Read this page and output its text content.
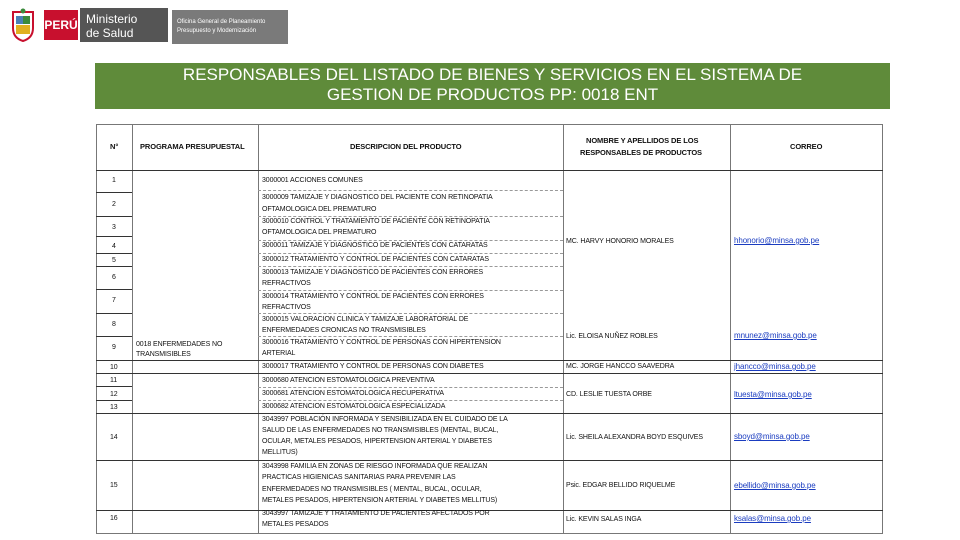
PERÚ Ministerio
de Salud
Oficina General de Planeamiento
Presupuesto y Modernización
RESPONSABLES DEL LISTADO DE BIENES Y SERVICIOS EN EL SISTEMA DE
GESTION DE PRODUCTOS PP: 0018 ENT
N°	PROGRAMA PRESUPUESTAL	DESCRIPCION DEL PRODUCTO
NOMBRE Y APELLIDOS DE LOS
RESPONSABLES DE PRODUCTOS
CORREO
1
2
3
4
5
6
7
8
9
10
11
12
13
14
15
16
0018 ENFERMEDADES NO
TRANSMISIBLES
3000001 ACCIONES COMUNES
3000009 TAMIZAJE Y DIAGNOSTICO DEL PACIENTE CON RETINOPATIA
OFTAMOLOGICA DEL PREMATURO
3000010 CONTROL Y TRATAMIENTO DE PACIENTE CON RETINOPATIA
OFTAMOLOGICA DEL PREMATURO
3000011 TAMIZAJE Y DIAGNOSTICO DE PACIENTES CON CATARATAS
3000012 TRATAMIENTO Y CONTROL DE PACIENTES CON CATARATAS
3000013 TAMIZAJE Y DIAGNOSTICO DE PACIENTES CON ERRORES
REFRACTIVOS
3000014 TRATAMIENTO Y CONTROL DE PACIENTES CON ERRORES
REFRACTIVOS
3000015 VALORACION CLINICA Y TAMIZAJE LABORATORIAL DE
ENFERMEDADES CRONICAS NO TRANSMISIBLES
3000016 TRATAMIENTO Y CONTROL DE PERSONAS CON HIPERTENSION
ARTERIAL
3000017 TRATAMIENTO Y CONTROL DE PERSONAS CON DIABETES
3000680 ATENCION ESTOMATOLOGICA PREVENTIVA
3000681 ATENCION ESTOMATOLOGICA RECUPERATIVA
3000682 ATENCION ESTOMATOLOGICA ESPECIALIZADA
3043997 POBLACIÓN INFORMADA Y SENSIBILIZADA EN EL CUIDADO DE LA
SALUD DE LAS ENFERMEDADES NO TRANSMISIBLES (MENTAL, BUCAL,
OCULAR, METALES PESADOS, HIPERTENSION ARTERIAL Y DIABETES
MELLITUS)
3043998 FAMILIA EN ZONAS DE RIESGO INFORMADA QUE REALIZAN
PRACTICAS HIGIENICAS SANITARIAS PARA PREVENIR LAS
ENFERMEDADES NO TRANSMISIBLES ( MENTAL, BUCAL, OCULAR,
METALES PESADOS, HIPERTENSION ARTERIAL Y DIABETES MELLITUS)
3043997 TAMIZAJE Y TRATAMIENTO DE PACIENTES AFECTADOS POR
METALES PESADOS
MC. HARVY HONORIO MORALES
Lic. ELOISA NUÑEZ ROBLES
MC. JORGE HANCCO SAAVEDRA
CD. LESLIE TUESTA ORBE
Lic. SHEILA ALEXANDRA BOYD ESQUIVES
Psic. EDGAR BELLIDO RIQUELME
Lic. KEVIN SALAS INGA
hhonorio@minsa.gob.pe
mnunez@minsa.gob.pe
jhancco@minsa.gob.pe
ltuesta@minsa.gob.pe
sboyd@minsa.gob.pe
ebellido@minsa.gob.pe
ksalas@minsa.gob.pe
